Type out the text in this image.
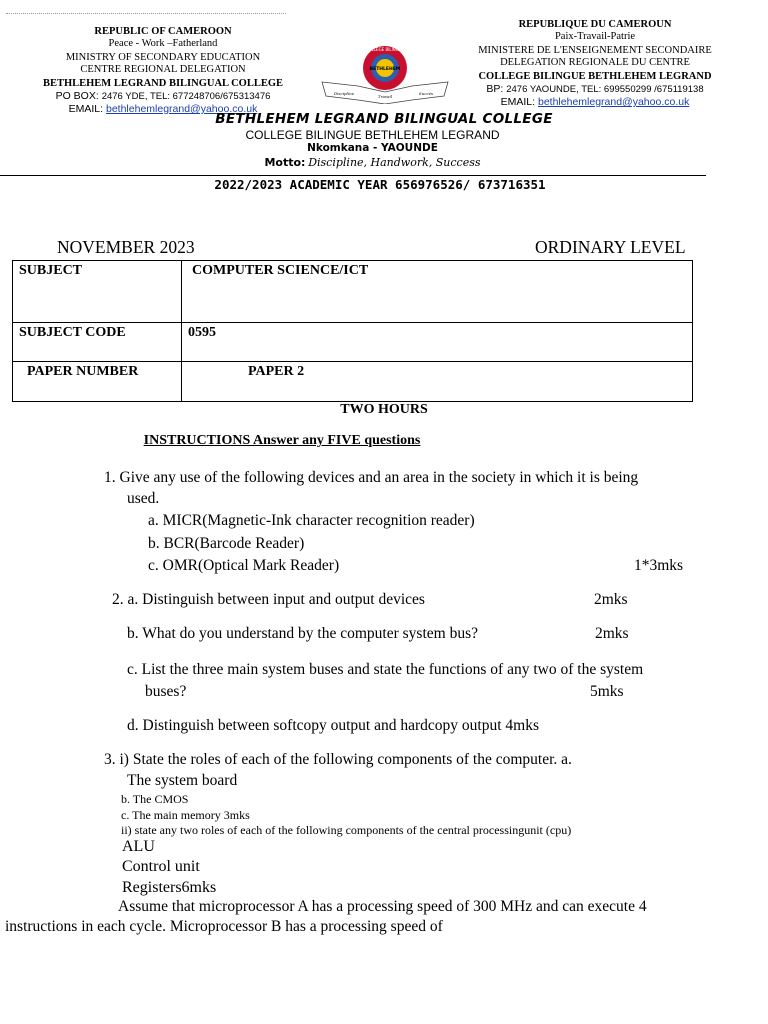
REPUBLIC OF CAMEROON
Peace - Work –Fatherland
MINISTRY OF SECONDARY EDUCATION
CENTRE REGIONAL DELEGATION
BETHLEHEM LEGRAND BILINGUAL COLLEGE
PO BOX: 2476 YDE, TEL: 677248706/675313476
EMAIL: bethlehemlegrand@yahoo.co.uk
COLLEGE BILINGUE
BETHLEHEM
Discipline
Travail
Succès
REPUBLIQUE DU CAMEROUN
Paix-Travail-Patrie
MINISTERE DE L'ENSEIGNEMENT SECONDAIRE
DELEGATION REGIONALE DU CENTRE
COLLEGE BILINGUE BETHLEHEM LEGRAND
BP: 2476 YAOUNDE, TEL: 699550299 /675119138
EMAIL: bethlehemlegrand@yahoo.co.uk
BETHLEHEM LEGRAND BILINGUAL COLLEGE
COLLEGE BILINGUE BETHLEHEM LEGRAND
Nkomkana - YAOUNDE
Motto: Discipline, Handwork, Success
2022/2023 ACADEMIC YEAR 656976526/ 673716351
NOVEMBER 2023	ORDINARY LEVEL
SUBJECT	COMPUTER SCIENCE/ICT
SUBJECT CODE	0595
PAPER NUMBER	PAPER 2
TWO HOURS
INSTRUCTIONS Answer any FIVE questions
1. Give any use of the following devices and an area in the society in which it is being
used.
a. MICR(Magnetic-Ink character recognition reader)
b. BCR(Barcode Reader)
c. OMR(Optical Mark Reader)	1*3mks
2. a. Distinguish between input and output devices	2mks
b. What do you understand by the computer system bus?	2mks
c. List the three main system buses and state the functions of any two of the system
buses?	5mks
d. Distinguish between softcopy output and hardcopy output 4mks
3. i) State the roles of each of the following components of the computer. a.
The system board
b. The CMOS
c. The main memory 3mks
ii) state any two roles of each of the following components of the central processingunit (cpu)
ALU
Control unit
Registers6mks
Assume that microprocessor A has a processing speed of 300 MHz and can execute 4
instructions in each cycle. Microprocessor B has a processing speed of
